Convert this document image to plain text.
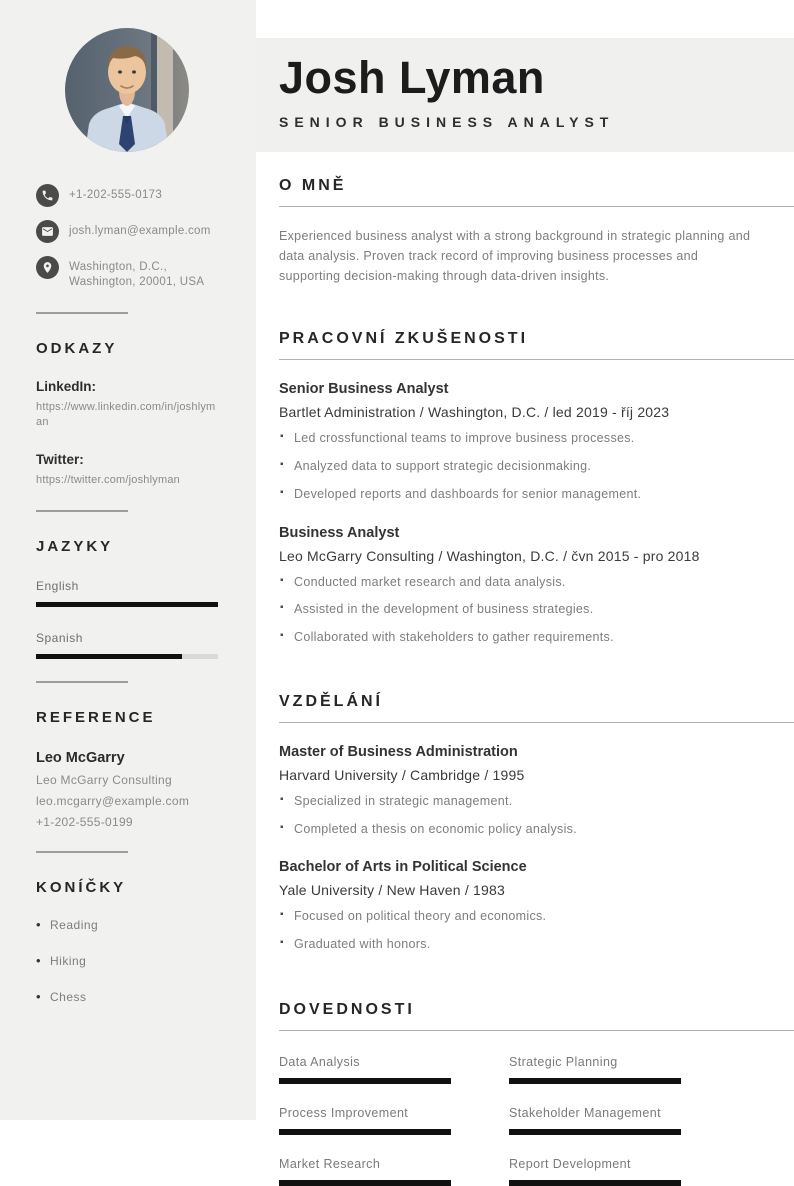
+1-202-555-0173
josh.lyman@example.com
Washington, D.C.,
Washington, 20001, USA
ODKAZY
LinkedIn:
https://www.linkedin.com/in/joshlyman
Twitter:
https://twitter.com/joshlyman
JAZYKY
English
Spanish
REFERENCE
Leo McGarry
Leo McGarry Consulting
leo.mcgarry@example.com
+1-202-555-0199
KONÍČKY
• Reading
• Hiking
• Chess
Josh Lyman
SENIOR BUSINESS ANALYST
O MNĚ

Experienced business analyst with a strong background in strategic planning and data analysis. Proven track record of improving business processes and supporting decision-making through data-driven insights.

PRACOVNÍ ZKUŠENOSTI
Senior Business Analyst
Bartlet Administration / Washington, D.C. / led 2019 - říj 2023
▪ Led crossfunctional teams to improve business processes.
▪ Analyzed data to support strategic decisionmaking.
▪ Developed reports and dashboards for senior management.
Business Analyst
Leo McGarry Consulting / Washington, D.C. / čvn 2015 - pro 2018
▪ Conducted market research and data analysis.
▪ Assisted in the development of business strategies.
▪ Collaborated with stakeholders to gather requirements.
VZDĚLÁNÍ
Master of Business Administration
Harvard University / Cambridge / 1995
▪ Specialized in strategic management.
▪ Completed a thesis on economic policy analysis.
Bachelor of Arts in Political Science
Yale University / New Haven / 1983
▪ Focused on political theory and economics.
▪ Graduated with honors.
DOVEDNOSTI
Data Analysis	Strategic Planning
Process Improvement	Stakeholder Management
Market Research	Report Development
